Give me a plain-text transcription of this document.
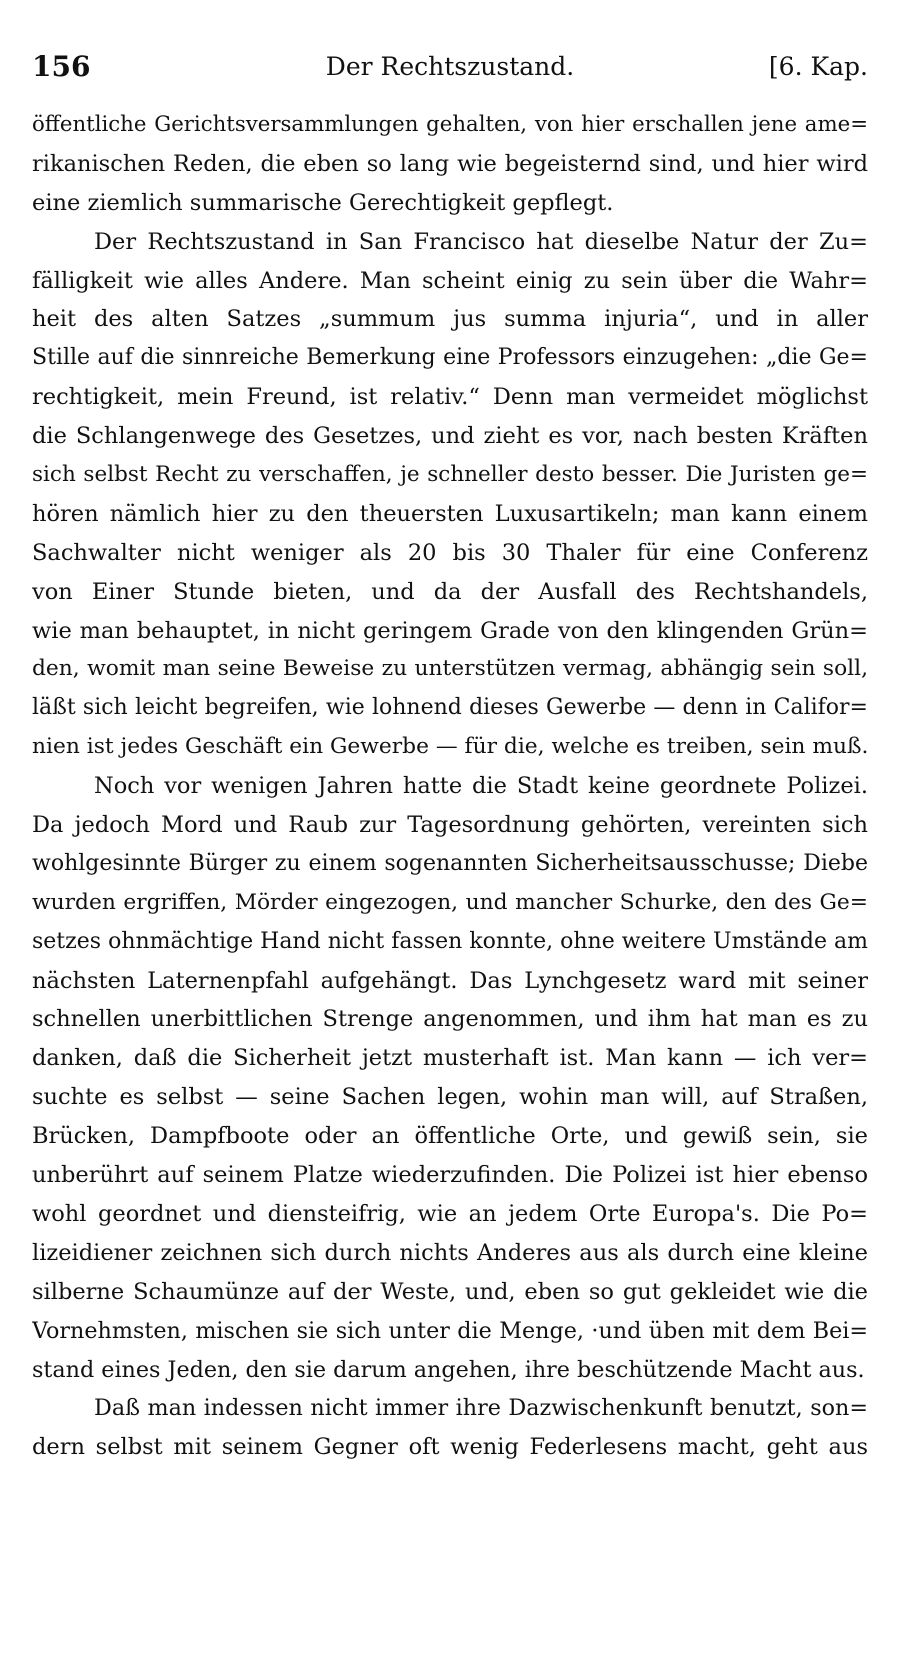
156	Der Rechtszustand.	[6. Kap.
öffentliche Gerichtsversammlungen gehalten, von hier erschallen jene ame=
rikanischen Reden, die eben so lang wie begeisternd sind, und hier wird
eine ziemlich summarische Gerechtigkeit gepflegt.
Der Rechtszustand in San Francisco hat dieselbe Natur der Zu=
fälligkeit wie alles Andere. Man scheint einig zu sein über die Wahr=
heit des alten Satzes „summum jus summa injuria“, und in aller
Stille auf die sinnreiche Bemerkung eine Professors einzugehen: „die Ge=
rechtigkeit, mein Freund, ist relativ.“ Denn man vermeidet möglichst
die Schlangenwege des Gesetzes, und zieht es vor, nach besten Kräften
sich selbst Recht zu verschaffen, je schneller desto besser. Die Juristen ge=
hören nämlich hier zu den theuersten Luxusartikeln; man kann einem
Sachwalter nicht weniger als 20 bis 30 Thaler für eine Conferenz
von Einer Stunde bieten, und da der Ausfall des Rechtshandels,
wie man behauptet, in nicht geringem Grade von den klingenden Grün=
den, womit man seine Beweise zu unterstützen vermag, abhängig sein soll,
läßt sich leicht begreifen, wie lohnend dieses Gewerbe — denn in Califor=
nien ist jedes Geschäft ein Gewerbe — für die, welche es treiben, sein muß.
Noch vor wenigen Jahren hatte die Stadt keine geordnete Polizei.
Da jedoch Mord und Raub zur Tagesordnung gehörten, vereinten sich
wohlgesinnte Bürger zu einem sogenannten Sicherheitsausschusse; Diebe
wurden ergriffen, Mörder eingezogen, und mancher Schurke, den des Ge=
setzes ohnmächtige Hand nicht fassen konnte, ohne weitere Umstände am
nächsten Laternenpfahl aufgehängt. Das Lynchgesetz ward mit seiner
schnellen unerbittlichen Strenge angenommen, und ihm hat man es zu
danken, daß die Sicherheit jetzt musterhaft ist. Man kann — ich ver=
suchte es selbst — seine Sachen legen, wohin man will, auf Straßen,
Brücken, Dampfboote oder an öffentliche Orte, und gewiß sein, sie
unberührt auf seinem Platze wiederzufinden. Die Polizei ist hier ebenso
wohl geordnet und diensteifrig, wie an jedem Orte Europa's. Die Po=
lizeidiener zeichnen sich durch nichts Anderes aus als durch eine kleine
silberne Schaumünze auf der Weste, und, eben so gut gekleidet wie die
Vornehmsten, mischen sie sich unter die Menge, ·und üben mit dem Bei=
stand eines Jeden, den sie darum angehen, ihre beschützende Macht aus.
Daß man indessen nicht immer ihre Dazwischenkunft benutzt, son=
dern selbst mit seinem Gegner oft wenig Federlesens macht, geht aus
